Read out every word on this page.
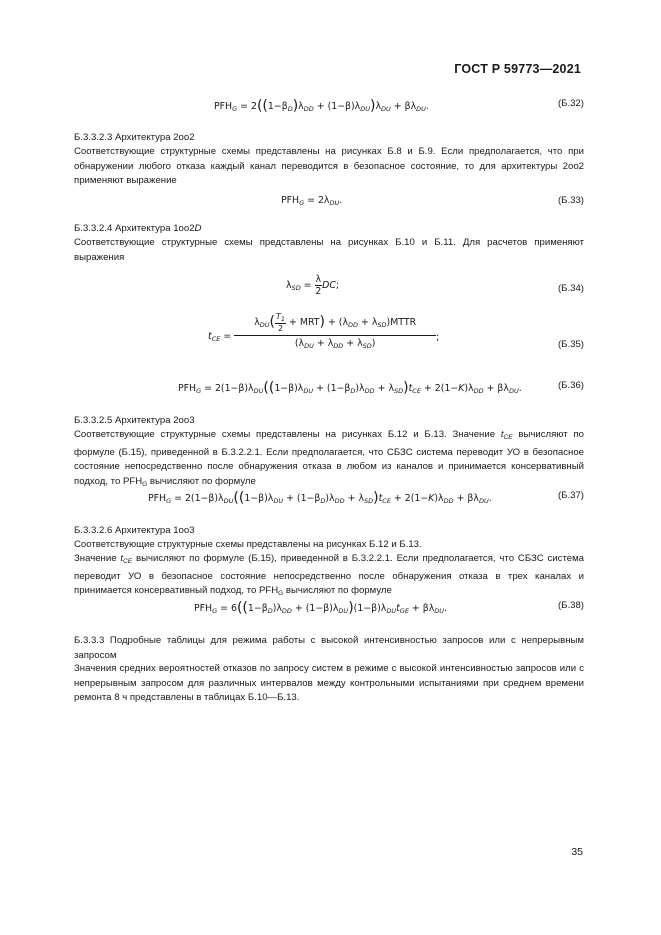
ГОСТ Р 59773—2021
$PFH_G = 2((1-\beta_D)\lambda_{DD} + (1-\beta)\lambda_{DU})\lambda_{DU} + \beta\lambda_{DU}$.	(Б.32)
Б.3.3.2.3 Архитектура 2оо2
Соответствующие структурные схемы представлены на рисунках Б.8 и Б.9. Если предполагается, что при обнаружении любого отказа каждый канал переводится в безопасное состояние, то для архитектуры 2оо2 применяют выражение
$PFH_G = 2\lambda_{DU}$.	(Б.33)
Б.3.3.2.4 Архитектура 1оо2D
Соответствующие структурные схемы представлены на рисунках Б.10 и Б.11. Для расчетов применяют выражения
$\lambda_{SD} = \frac{\lambda}{2}$ DC;	(Б.34)
$t_{CE} = \frac{\lambda_{DU}( \frac{T_1}{2} + MRT) + (\lambda_{DD} + \lambda_{SD})MTTR}{(\lambda_{DU} + \lambda_{DD} + \lambda_{SD})}$ ;
(Б.35)
$PFH_G = 2(1-\beta)\lambda_{DU}((1-\beta)\lambda_{DU} + (1-\beta_D)\lambda_{DD} + \lambda_{SD})t_{CE} + 2(1-K)\lambda_{DD} + \beta\lambda_{DU}$.	(Б.36)
Б.3.3.2.5 Архитектура 2оо3
Соответствующие структурные схемы представлены на рисунках Б.12 и Б.13. Значение $t_{CE}$ вычисляют по формуле (Б.15), приведенной в Б.3.2.2.1. Если предполагается, что СБЗС система переводит УО в безопасное состояние непосредственно после обнаружения отказа в любом из каналов и принимается консервативный подход, то $PFH_G$ вычисляют по формуле
$PFH_G = 2(1-\beta)\lambda_{DU}((1-\beta)\lambda_{DU} + (1-\beta_D)\lambda_{DD} + \lambda_{SD})t_{CE} + 2(1-K)\lambda_{DD} + \beta\lambda_{DU}$.	(Б.37)
Б.3.3.2.6 Архитектура 1оо3
Соответствующие структурные схемы представлены на рисунках Б.12 и Б.13.
Значение $t_{CE}$ вычисляют по формуле (Б.15), приведенной в Б.3.2.2.1. Если предполагается, что СБЗС система переводит УО в безопасное состояние непосредственно после обнаружения отказа в трех каналах и принимается консервативный подход, то $PFH_G$ вычисляют по формуле
$PFH_G = 6((1-\beta_D)\lambda_{DD} + (1-\beta)\lambda_{DU})(1-\beta)\lambda_{DU}t_{GE} + \beta\lambda_{DU}$.	(Б.38)
Б.3.3.3 Подробные таблицы для режима работы с высокой интенсивностью запросов или с непрерывным запросом
Значения средних вероятностей отказов по запросу систем в режиме с высокой интенсивностью запросов или с непрерывным запросом для различных интервалов между контрольными испытаниями при среднем времени ремонта 8 ч представлены в таблицах Б.10—Б.13.
35
